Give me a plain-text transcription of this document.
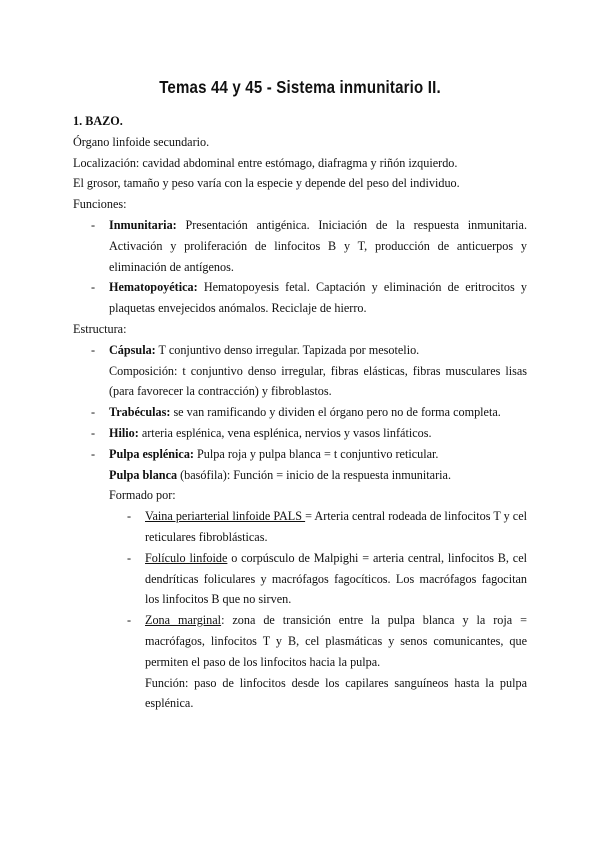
Temas 44 y 45 - Sistema inmunitario II.

1. BAZO.

Órgano linfoide secundario.

Localización: cavidad abdominal entre estómago, diafragma y riñón izquierdo.

El grosor, tamaño y peso varía con la especie y depende del peso del individuo.

Funciones:

- Inmunitaria: Presentación antigénica. Iniciación de la respuesta inmunitaria. Activación y proliferación de linfocitos B y T, producción de anticuerpos y eliminación de antígenos.
- Hematopoyética: Hematopoyesis fetal. Captación y eliminación de eritrocitos y plaquetas envejecidos anómalos. Reciclaje de hierro.

Estructura:

- Cápsula: T conjuntivo denso irregular. Tapizada por mesotelio.

Composición: t conjuntivo denso irregular, fibras elásticas, fibras musculares lisas (para favorecer la contracción) y fibroblastos.

- Trabéculas: se van ramificando y dividen el órgano pero no de forma completa.
- Hilio: arteria esplénica, vena esplénica, nervios y vasos linfáticos.
- Pulpa esplénica: Pulpa roja y pulpa blanca = t conjuntivo reticular.

Pulpa blanca (basófila): Función = inicio de la respuesta inmunitaria.

Formado por:

- Vaina periarterial linfoide PALS = Arteria central rodeada de linfocitos T y cel reticulares fibroblásticas.
- Folículo linfoide o corpúsculo de Malpighi = arteria central, linfocitos B, cel dendríticas foliculares y macrófagos fagocíticos. Los macrófagos fagocitan los linfocitos B que no sirven.
- Zona marginal: zona de transición entre la pulpa blanca y la roja = macrófagos, linfocitos T y B, cel plasmáticas y senos comunicantes, que permiten el paso de los linfocitos hacia la pulpa.

Función: paso de linfocitos desde los capilares sanguíneos hasta la pulpa esplénica.
